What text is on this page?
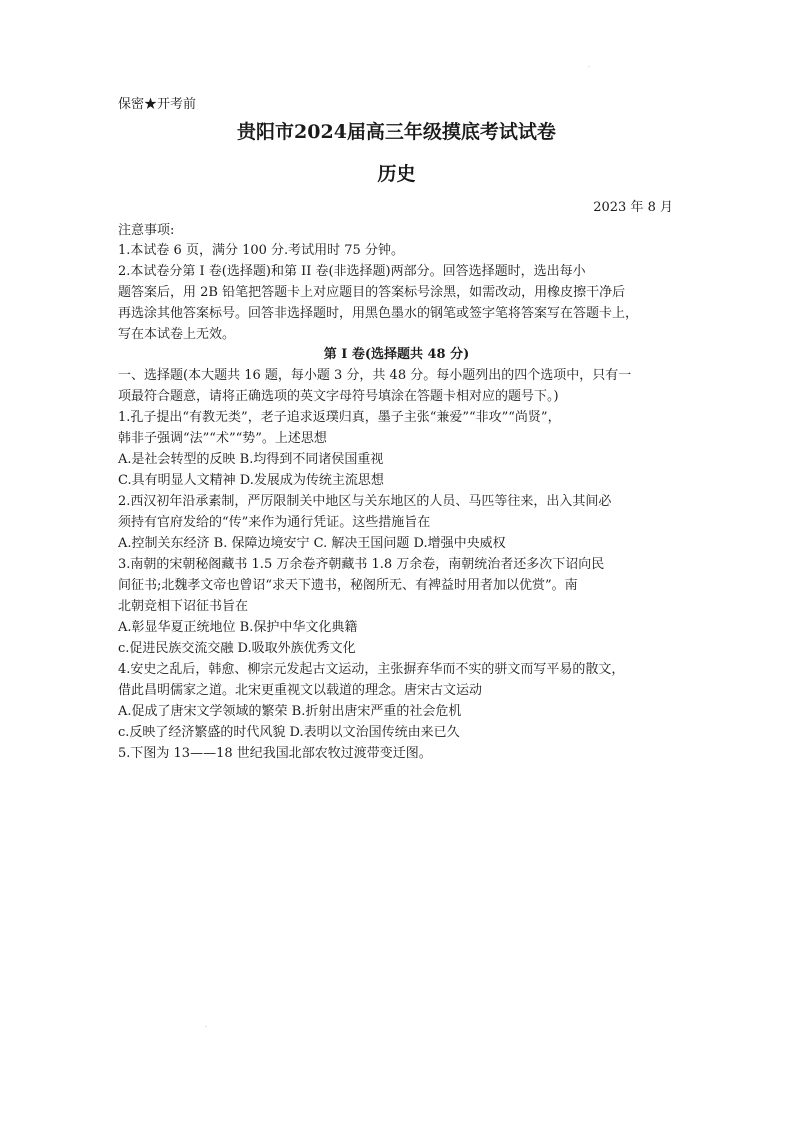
·
·
保密★开考前
贵阳市2024届高三年级摸底考试试卷
历史
2023 年 8 月
注意事项:
1.本试卷 6 页，满分 100 分.考试用时 75 分钟。
2.本试卷分第 I 卷(选择题)和第 II 卷(非选择题)两部分。回答选择题时，选出每小
题答案后，用 2B 铅笔把答题卡上对应题目的答案标号涂黑，如需改动，用橡皮擦干净后
再选涂其他答案标号。回答非选择题时，用黑色墨水的钢笔或签字笔将答案写在答题卡上，
写在本试卷上无效。
第 I 卷(选择题共 48 分)
一、选择题(本大题共 16 题，每小题 3 分，共 48 分。每小题列出的四个选项中，只有一
项最符合题意，请将正确选项的英文字母符号填涂在答题卡相对应的题号下。)
1.孔子提出“有教无类”，老子追求返璞归真，墨子主张“兼爱”“非攻”“尚贤”，
韩非子强调“法”“术”“势”。上述思想
A.是社会转型的反映 B.均得到不同诸侯国重视
C.具有明显人文精神 D.发展成为传统主流思想
2.西汉初年沿承素制，严厉限制关中地区与关东地区的人员、马匹等往来，出入其间必
须持有官府发给的“传”来作为通行凭证。这些措施旨在
A.控制关东经济 B. 保障边境安宁 C. 解决王国问题 D.增强中央威权
3.南朝的宋朝秘阁藏书 1.5 万余卷齐朝藏书 1.8 万余卷，南朝统治者还多次下诏向民
间征书;北魏孝文帝也曾诏“求天下遗书，秘阁所无、有裨益时用者加以优赏”。南
北朝竞相下诏征书旨在
A.彰显华夏正统地位 B.保护中华文化典籍
c.促进民族交流交融 D.吸取外族优秀文化
4.安史之乱后，韩愈、柳宗元发起古文运动，主张摒弃华而不实的骈文而写平易的散文，
借此昌明儒家之道。北宋更重视文以载道的理念。唐宋古文运动
A.促成了唐宋文学领域的繁荣 B.折射出唐宋严重的社会危机
c.反映了经济繁盛的时代风貌 D.表明以文治国传统由来已久
5.下图为 13——18 世纪我国北部农牧过渡带变迁图。
